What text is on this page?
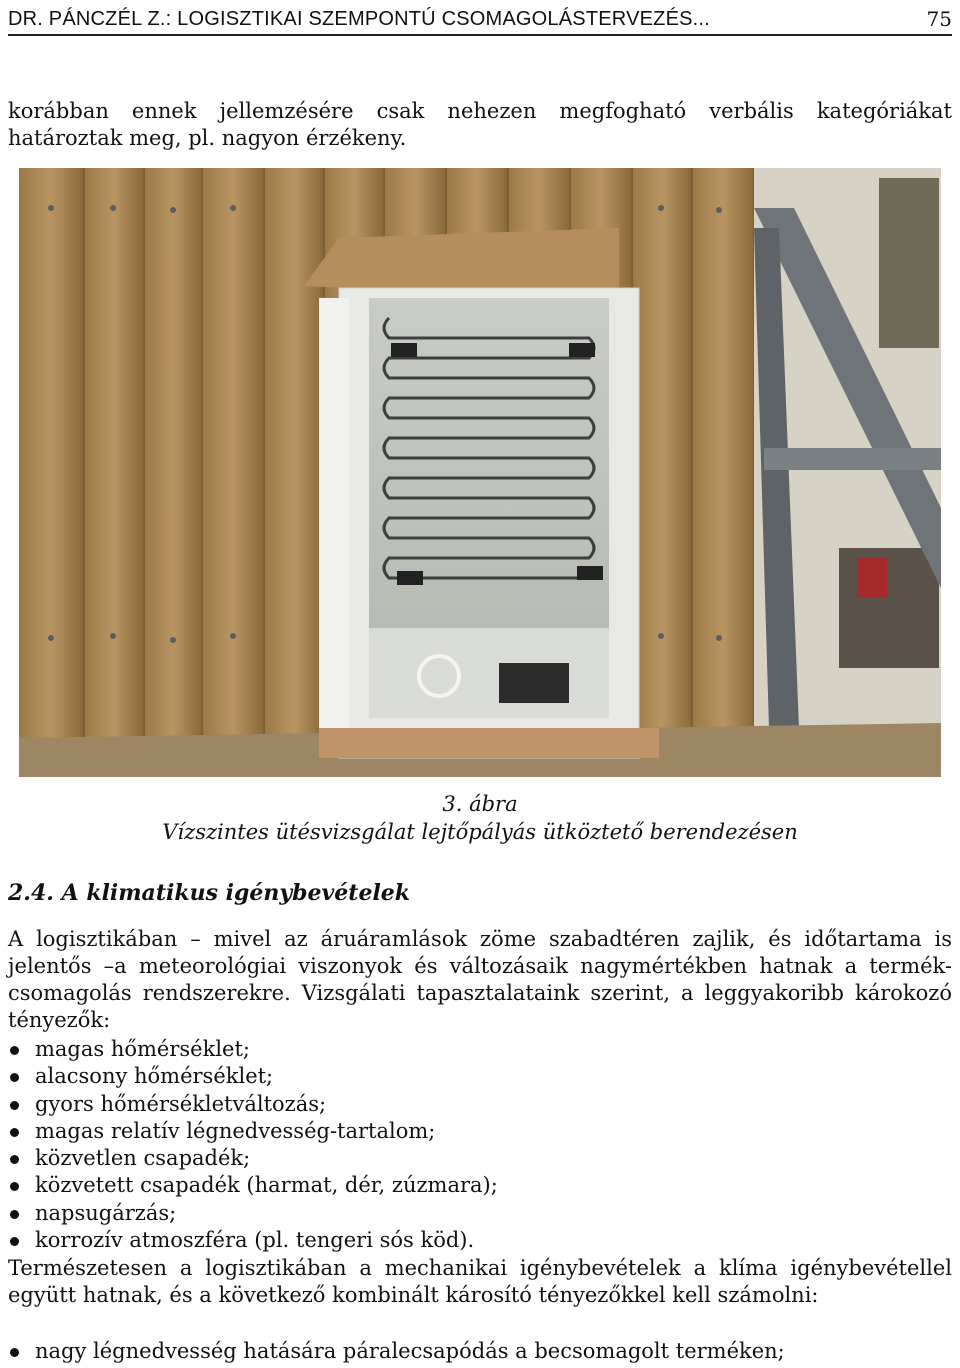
DR. PÁNCZÉL Z.: LOGISZTIKAI SZEMPONTÚ CSOMAGOLÁSTERVEZÉS...	75

korábban ennek jellemzésére csak nehezen megfogható verbális kategóriákat határoztak meg, pl. nagyon érzékeny.

3. ábra
Vízszintes ütésvizsgálat lejtőpályás ütköztető berendezésen
2.4. A klimatikus igénybevételek

A logisztikában – mivel az áruáramlások zöme szabadtéren zajlik, és időtartama is jelentős –a meteorológiai viszonyok és változásaik nagymértékben hatnak a termék-csomagolás rendszerekre. Vizsgálati tapasztalataink szerint, a leggyakoribb károkozó tényezők:

magas hőmérséklet;
alacsony hőmérséklet;
gyors hőmérsékletváltozás;
magas relatív légnedvesség-tartalom;
közvetlen csapadék;
közvetett csapadék (harmat, dér, zúzmara);
napsugárzás;
korrozív atmoszféra (pl. tengeri sós köd).

Természetesen a logisztikában a mechanikai igénybevételek a klíma igénybevétellel együtt hatnak, és a következő kombinált károsító tényezőkkel kell számolni:

nagy légnedvesség hatására páralecsapódás a becsomagolt terméken;
